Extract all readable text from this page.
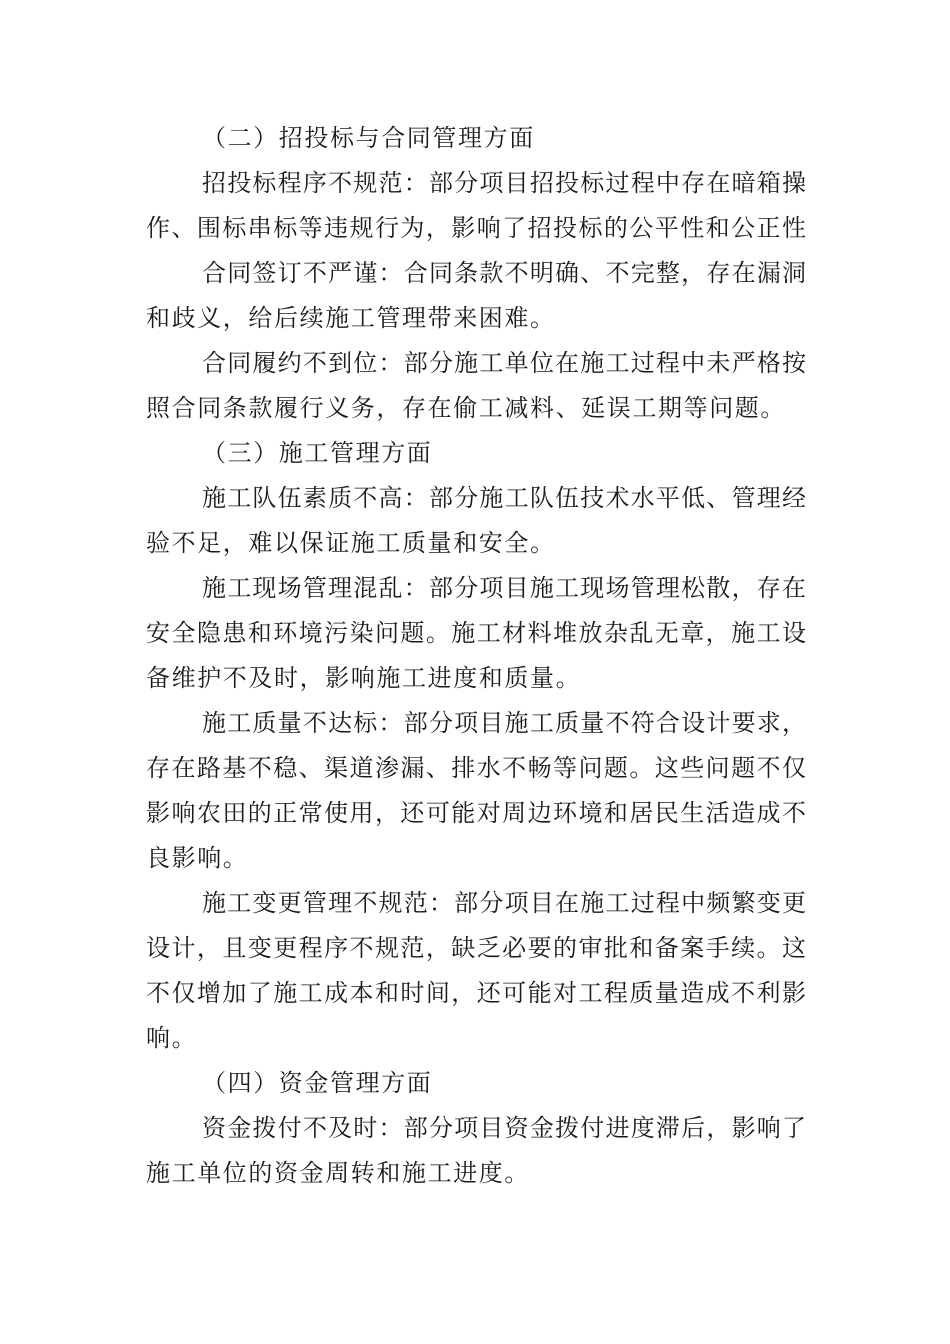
（二）招投标与合同管理方面
招投标程序不规范：部分项目招投标过程中存在暗箱操
作、围标串标等违规行为，影响了招投标的公平性和公正性
合同签订不严谨：合同条款不明确、不完整，存在漏洞
和歧义，给后续施工管理带来困难。
合同履约不到位：部分施工单位在施工过程中未严格按
照合同条款履行义务，存在偷工减料、延误工期等问题。
（三）施工管理方面
施工队伍素质不高：部分施工队伍技术水平低、管理经
验不足，难以保证施工质量和安全。
施工现场管理混乱：部分项目施工现场管理松散，存在
安全隐患和环境污染问题。施工材料堆放杂乱无章，施工设
备维护不及时，影响施工进度和质量。
施工质量不达标：部分项目施工质量不符合设计要求，
存在路基不稳、渠道渗漏、排水不畅等问题。这些问题不仅
影响农田的正常使用，还可能对周边环境和居民生活造成不
良影响。
施工变更管理不规范：部分项目在施工过程中频繁变更
设计，且变更程序不规范，缺乏必要的审批和备案手续。这
不仅增加了施工成本和时间，还可能对工程质量造成不利影
响。
（四）资金管理方面
资金拨付不及时：部分项目资金拨付进度滞后，影响了
施工单位的资金周转和施工进度。
